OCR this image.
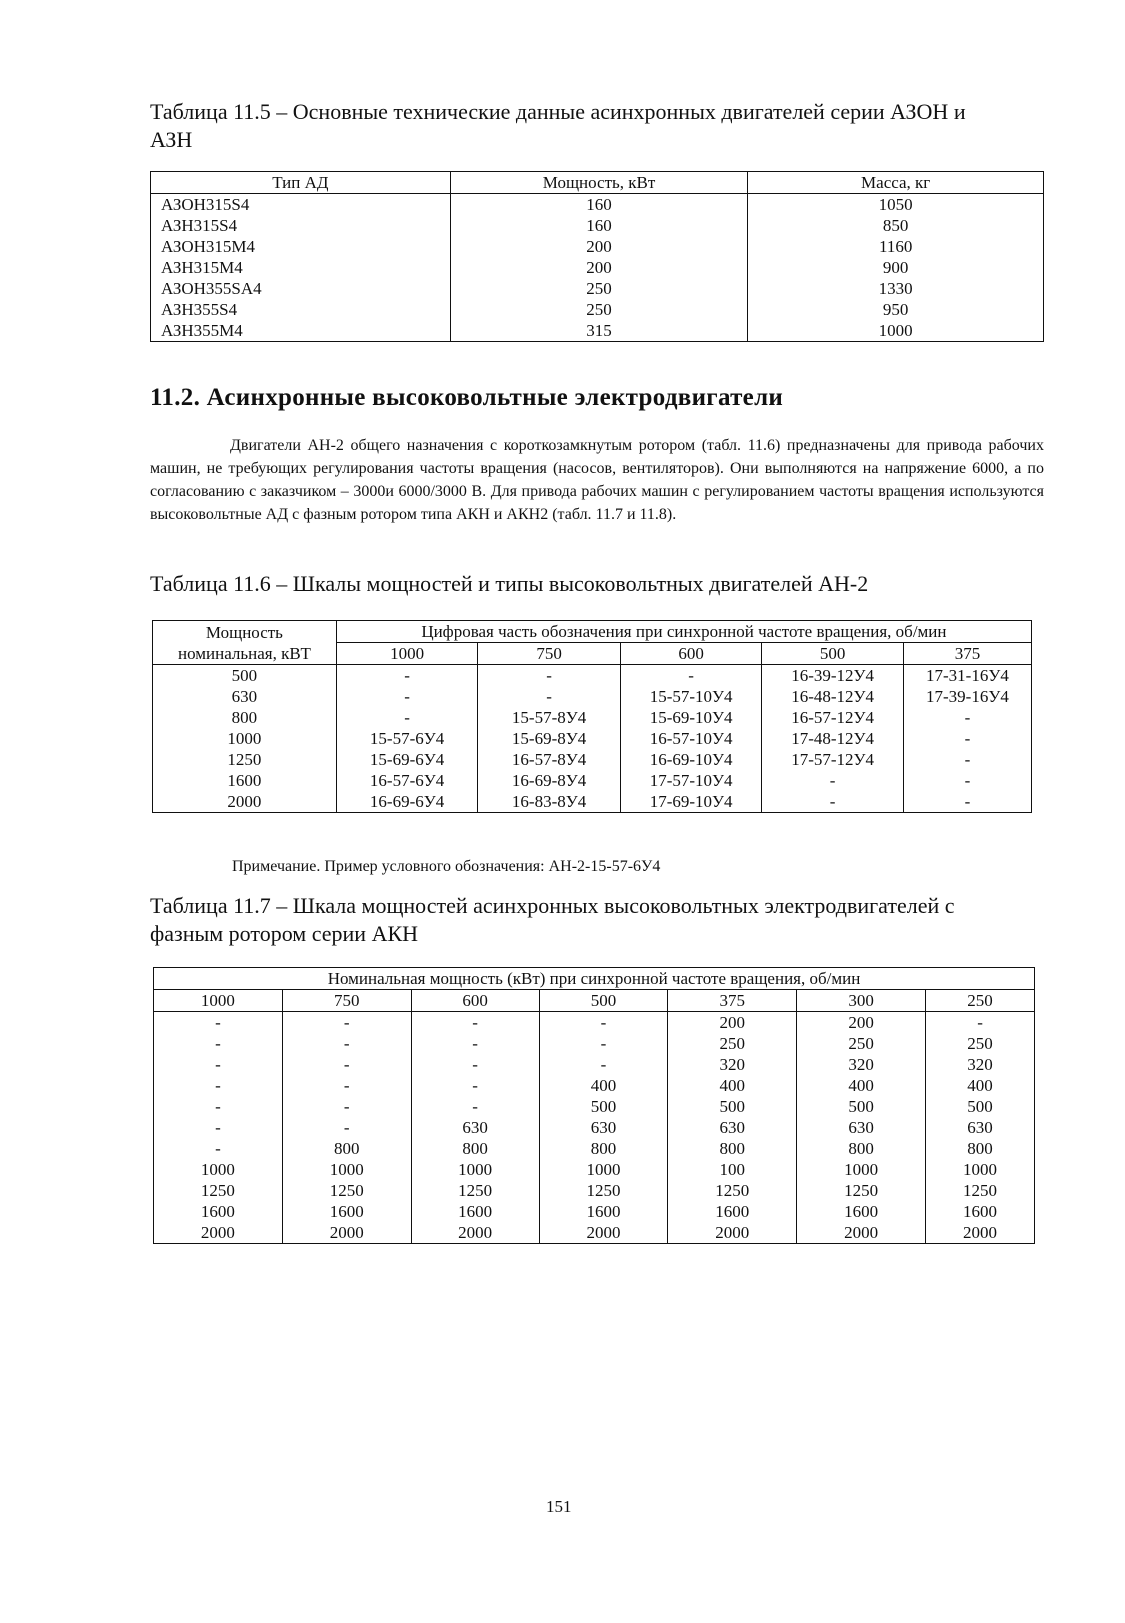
Таблица 11.5 – Основные технические данные асинхронных двигателей серии АЗОН и
АЗН
Тип АД	Мощность, кВт	Масса, кг
АЗОН315S4	160	1050
АЗН315S4	160	850
АЗОН315М4	200	1160
АЗН315М4	200	900
АЗОН355SA4	250	1330
АЗН355S4	250	950
АЗН355М4	315	1000
11.2. Асинхронные высоковольтные электродвигатели
Двигатели АН-2 общего назначения с короткозамкнутым ротором (табл. 11.6) предназначены для привода рабочих машин, не требующих регулирования частоты вращения (насосов, вентиляторов). Они выполняются на напряжение 6000, а по согласованию с заказчиком – 3000и 6000/3000 В. Для привода рабочих машин с регулированием частоты вращения используются высоковольтные АД с фазным ротором типа АКН и АКН2 (табл. 11.7 и 11.8).
Таблица 11.6 – Шкалы мощностей и типы высоковольтных двигателей АН-2
Мощность
номинальная, кВТ	Цифровая часть обозначения при синхронной частоте вращения, об/мин				
	1000	750	600	500	375
500	-	-	-	16-39-12У4	17-31-16У4
630	-	-	15-57-10У4	16-48-12У4	17-39-16У4
800	-	15-57-8У4	15-69-10У4	16-57-12У4	-
1000	15-57-6У4	15-69-8У4	16-57-10У4	17-48-12У4	-
1250	15-69-6У4	16-57-8У4	16-69-10У4	17-57-12У4	-
1600	16-57-6У4	16-69-8У4	17-57-10У4	-	-
2000	16-69-6У4	16-83-8У4	17-69-10У4	-	-
Примечание. Пример условного обозначения: АН-2-15-57-6У4
Таблица 11.7 – Шкала мощностей асинхронных высоковольтных электродвигателей с
фазным ротором серии АКН
Номинальная мощность (кВт) при синхронной частоте вращения, об/мин						
1000	750	600	500	375	300	250
-	-	-	-	200	200	-
-	-	-	-	250	250	250
-	-	-	-	320	320	320
-	-	-	400	400	400	400
-	-	-	500	500	500	500
-	-	630	630	630	630	630
-	800	800	800	800	800	800
1000	1000	1000	1000	100	1000	1000
1250	1250	1250	1250	1250	1250	1250
1600	1600	1600	1600	1600	1600	1600
2000	2000	2000	2000	2000	2000	2000
151
